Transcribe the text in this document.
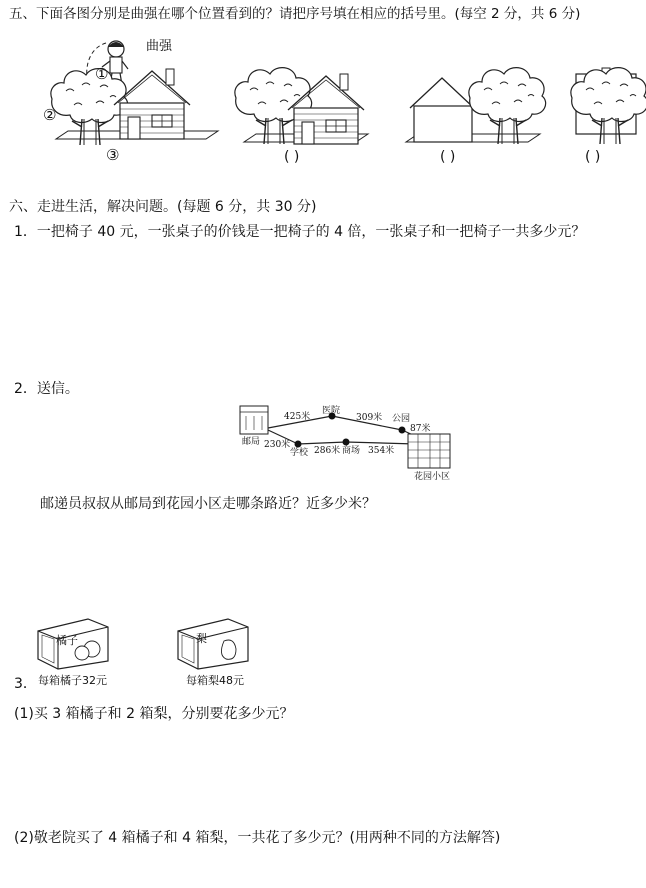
五、下面各图分别是曲强在哪个位置看到的？请把序号填在相应的括号里。(每空 2 分，共 6 分)
曲强
①
②
③	( )	( )	( )
六、走进生活，解决问题。(每题 6 分，共 30 分)
1．一把椅子 40 元，一张桌子的价钱是一把椅子的 4 倍，一张桌子和一把椅子一共多少元？
2．送信。
邮局
医院
公园
学校	商场
花园小区
425米	309米
87米
230米
286米	354米
邮递员叔叔从邮局到花园小区走哪条路近？近多少米？
橘子
每箱橘子32元
梨
每箱梨48元
3．
(1)买 3 箱橘子和 2 箱梨，分别要花多少元？
(2)敬老院买了 4 箱橘子和 4 箱梨，一共花了多少元？(用两种不同的方法解答)
